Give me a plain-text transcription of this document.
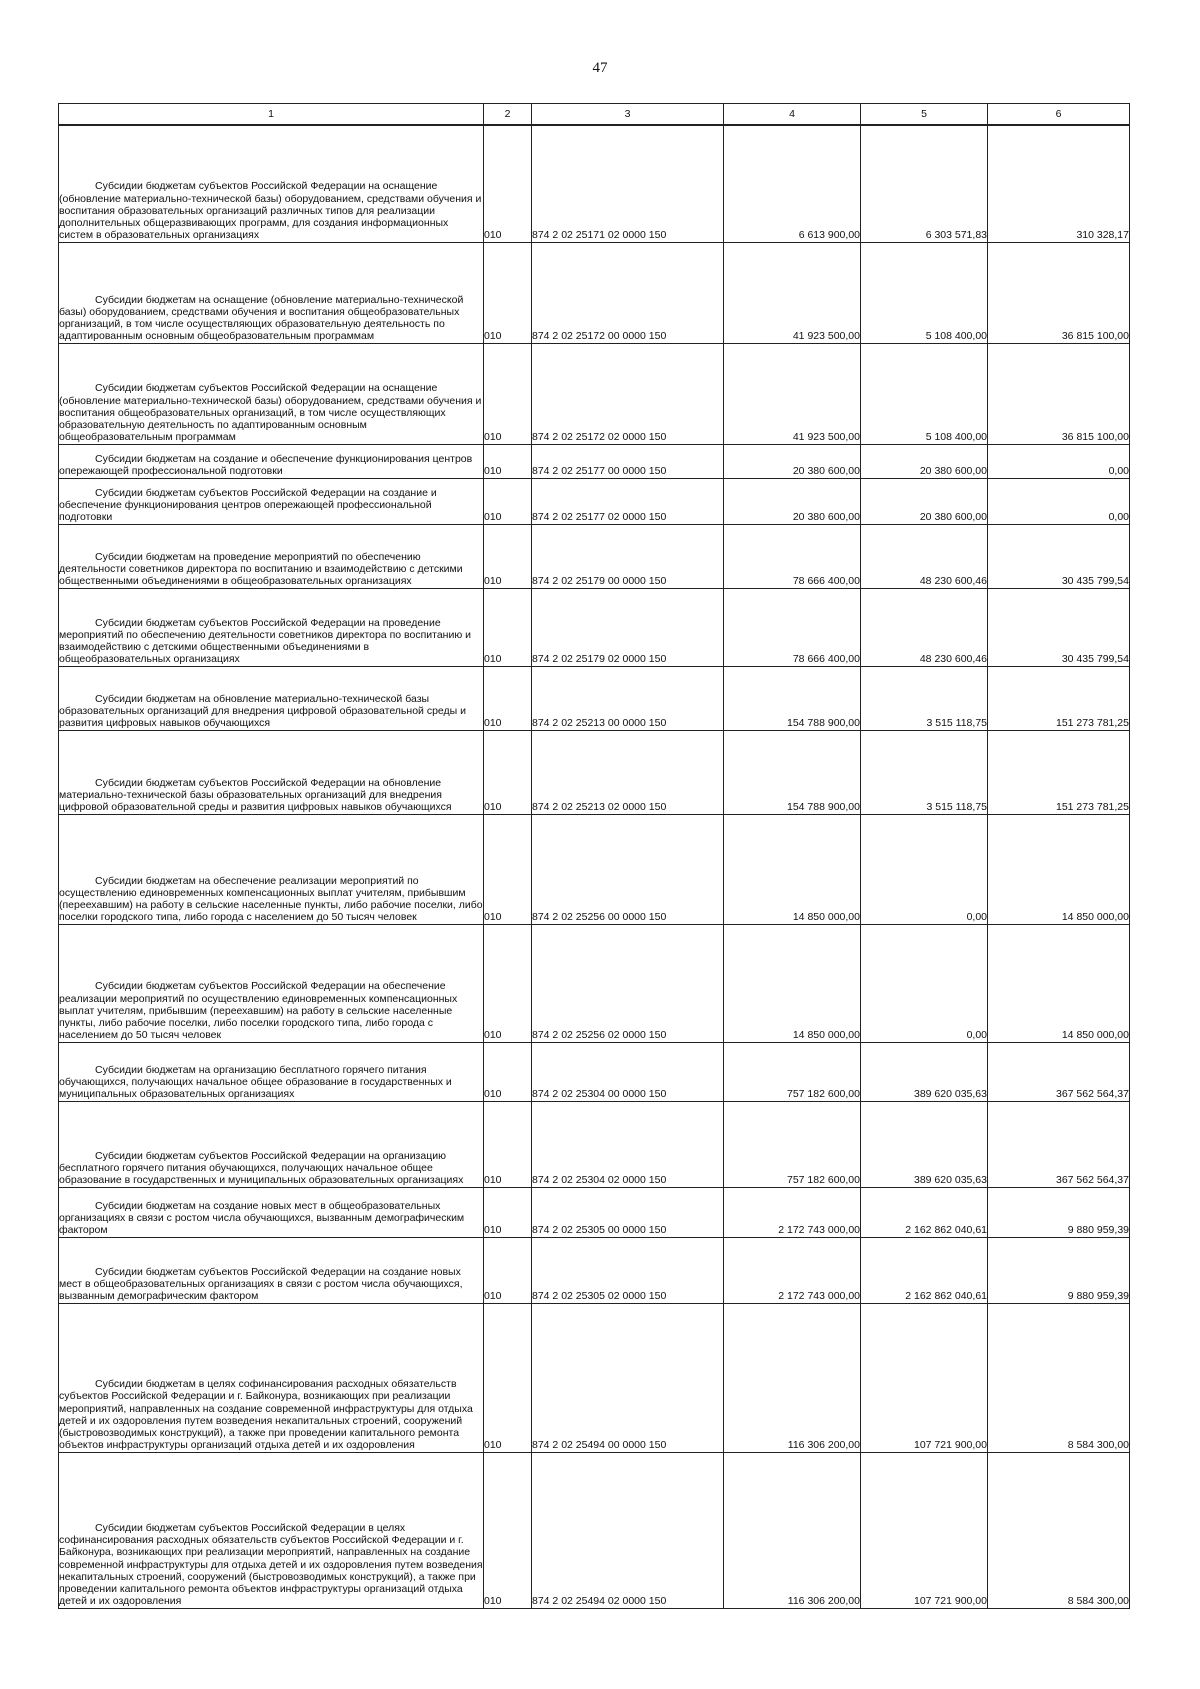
47
1	2	3	4	5	6

Субсидии бюджетам субъектов Российской Федерации на оснащение (обновление материально-технической базы) оборудованием, средствами обучения и воспитания образовательных организаций различных типов для реализации дополнительных общеразвивающих программ, для создания информационных систем в образовательных организациях	010	874 2 02 25171 02 0000 150	6 613 900,00	6 303 571,83	310 328,17

Субсидии бюджетам на оснащение (обновление материально-технической базы) оборудованием, средствами обучения и воспитания общеобразовательных организаций, в том числе осуществляющих образовательную деятельность по адаптированным основным общеобразовательным программам	010	874 2 02 25172 00 0000 150	41 923 500,00	5 108 400,00	36 815 100,00

Субсидии бюджетам субъектов Российской Федерации на оснащение (обновление материально-технической базы) оборудованием, средствами обучения и воспитания общеобразовательных организаций, в том числе осуществляющих образовательную деятельность по адаптированным основным общеобразовательным программам	010	874 2 02 25172 02 0000 150	41 923 500,00	5 108 400,00	36 815 100,00

Субсидии бюджетам на создание и обеспечение функционирования центров опережающей профессиональной подготовки	010	874 2 02 25177 00 0000 150	20 380 600,00	20 380 600,00	0,00

Субсидии бюджетам субъектов Российской Федерации на создание и обеспечение функционирования центров опережающей профессиональной подготовки	010	874 2 02 25177 02 0000 150	20 380 600,00	20 380 600,00	0,00

Субсидии бюджетам на проведение мероприятий по обеспечению деятельности советников директора по воспитанию и взаимодействию с детскими общественными объединениями в общеобразовательных организациях	010	874 2 02 25179 00 0000 150	78 666 400,00	48 230 600,46	30 435 799,54

Субсидии бюджетам субъектов Российской Федерации на проведение мероприятий по обеспечению деятельности советников директора по воспитанию и взаимодействию с детскими общественными объединениями в общеобразовательных организациях	010	874 2 02 25179 02 0000 150	78 666 400,00	48 230 600,46	30 435 799,54

Субсидии бюджетам на обновление материально-технической базы образовательных организаций для внедрения цифровой образовательной среды и развития цифровых навыков обучающихся	010	874 2 02 25213 00 0000 150	154 788 900,00	3 515 118,75	151 273 781,25

Субсидии бюджетам субъектов Российской Федерации на обновление материально-технической базы образовательных организаций для внедрения цифровой образовательной среды и развития цифровых навыков обучающихся	010	874 2 02 25213 02 0000 150	154 788 900,00	3 515 118,75	151 273 781,25

Субсидии бюджетам на обеспечение реализации мероприятий по осуществлению единовременных компенсационных выплат учителям, прибывшим (переехавшим) на работу в сельские населенные пункты, либо рабочие поселки, либо поселки городского типа, либо города с населением до 50 тысяч человек	010	874 2 02 25256 00 0000 150	14 850 000,00	0,00	14 850 000,00

Субсидии бюджетам субъектов Российской Федерации на обеспечение реализации мероприятий по осуществлению единовременных компенсационных выплат учителям, прибывшим (переехавшим) на работу в сельские населенные пункты, либо рабочие поселки, либо поселки городского типа, либо города с населением до 50 тысяч человек	010	874 2 02 25256 02 0000 150	14 850 000,00	0,00	14 850 000,00

Субсидии бюджетам на организацию бесплатного горячего питания обучающихся, получающих начальное общее образование в государственных и муниципальных образовательных организациях	010	874 2 02 25304 00 0000 150	757 182 600,00	389 620 035,63	367 562 564,37

Субсидии бюджетам субъектов Российской Федерации на организацию бесплатного горячего питания обучающихся, получающих начальное общее образование в государственных и муниципальных образовательных организациях	010	874 2 02 25304 02 0000 150	757 182 600,00	389 620 035,63	367 562 564,37

Субсидии бюджетам на создание новых мест в общеобразовательных организациях в связи с ростом числа обучающихся, вызванным демографическим фактором	010	874 2 02 25305 00 0000 150	2 172 743 000,00	2 162 862 040,61	9 880 959,39

Субсидии бюджетам субъектов Российской Федерации на создание новых мест в общеобразовательных организациях в связи с ростом числа обучающихся, вызванным демографическим фактором	010	874 2 02 25305 02 0000 150	2 172 743 000,00	2 162 862 040,61	9 880 959,39

Субсидии бюджетам в целях софинансирования расходных обязательств субъектов Российской Федерации и г. Байконура, возникающих при реализации мероприятий, направленных на создание современной инфраструктуры для отдыха детей и их оздоровления путем возведения некапитальных строений, сооружений (быстровозводимых конструкций), а также при проведении капитального ремонта объектов инфраструктуры организаций отдыха детей и их оздоровления	010	874 2 02 25494 00 0000 150	116 306 200,00	107 721 900,00	8 584 300,00

Субсидии бюджетам субъектов Российской Федерации в целях софинансирования расходных обязательств субъектов Российской Федерации и г. Байконура, возникающих при реализации мероприятий, направленных на создание современной инфраструктуры для отдыха детей и их оздоровления путем возведения некапитальных строений, сооружений (быстровозводимых конструкций), а также при проведении капитального ремонта объектов инфраструктуры организаций отдыха детей и их оздоровления	010	874 2 02 25494 02 0000 150	116 306 200,00	107 721 900,00	8 584 300,00
